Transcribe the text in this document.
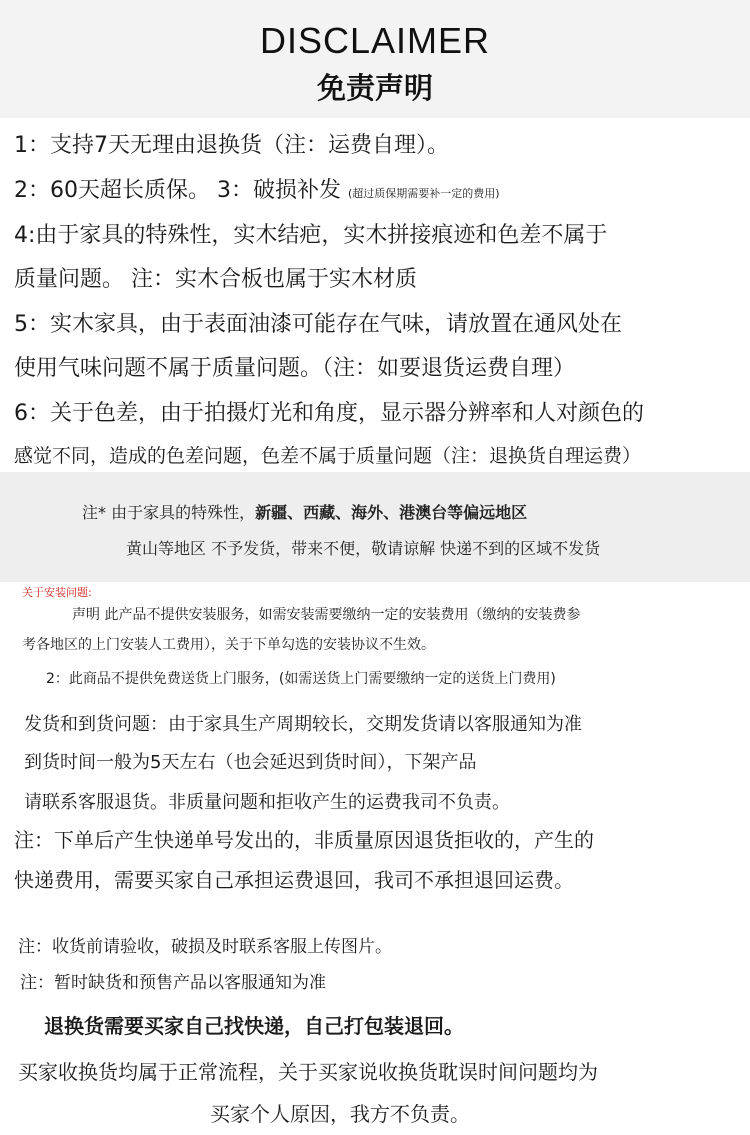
DISCLAIMER
免责声明
1：支持7天无理由退换货（注：运费自理）。
2：60天超长质保。 3：破损补发 (超过质保期需要补一定的费用)
4:由于家具的特殊性，实木结疤，实木拼接痕迹和色差不属于
质量问题。 注：实木合板也属于实木材质
5：实木家具，由于表面油漆可能存在气味，请放置在通风处在
使用气味问题不属于质量问题。（注：如要退货运费自理）
6：关于色差，由于拍摄灯光和角度，显示器分辨率和人对颜色的
感觉不同，造成的色差问题，色差不属于质量问题（注：退换货自理运费）
注* 由于家具的特殊性，新疆、西藏、海外、港澳台等偏远地区
黄山等地区 不予发货，带来不便，敬请谅解 快递不到的区域不发货
关于安装问题:
声明 此产品不提供安装服务，如需安装需要缴纳一定的安装费用（缴纳的安装费参
考各地区的上门安装人工费用），关于下单勾选的安装协议不生效。
2：此商品不提供免费送货上门服务，(如需送货上门需要缴纳一定的送货上门费用)
发货和到货问题：由于家具生产周期较长，交期发货请以客服通知为准
到货时间一般为5天左右（也会延迟到货时间），下架产品
请联系客服退货。非质量问题和拒收产生的运费我司不负责。
注：下单后产生快递单号发出的，非质量原因退货拒收的，产生的
快递费用，需要买家自己承担运费退回，我司不承担退回运费。
注：收货前请验收，破损及时联系客服上传图片。
注：暂时缺货和预售产品以客服通知为准
退换货需要买家自己找快递，自己打包装退回。
买家收换货均属于正常流程，关于买家说收换货耽误时间问题均为
买家个人原因，我方不负责。
